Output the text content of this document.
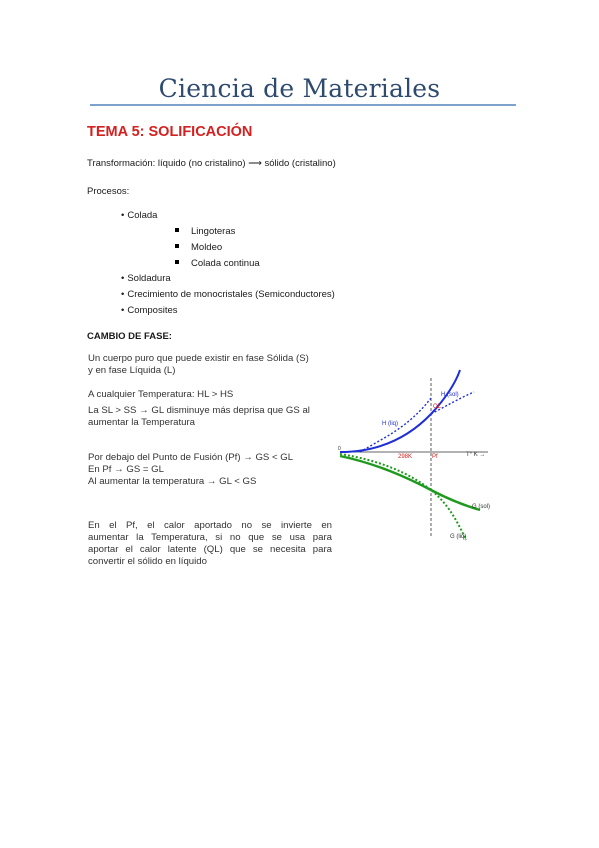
Ciencia de Materiales
TEMA 5: SOLIFICACIÓN
Transformación: líquido (no cristalino) ⟶ sólido (cristalino)
Procesos:
• Colada
Lingoteras
Moldeo
Colada continua
• Soldadura
• Crecimiento de monocristales (Semiconductores)
• Composites
CAMBIO DE FASE:
Un cuerpo puro que puede existir en fase Sólida (S)
y en fase Líquida (L)
A cualquier Temperatura: HL > HS
La SL > SS → GL disminuye más deprisa que GS al
aumentar la Temperatura
Por debajo del Punto de Fusión (Pf) → GS < GL
En Pf → GS = GL
Al aumentar la temperatura → GL < GS
En el Pf, el calor aportado no se invierte en
aumentar la Temperatura, si no que se usa para
aportar el calor latente (QL) que se necesita para
convertir el sólido en líquido
H (sol)
H (liq)
QL
0
298K	Pf	T° K →
G (sol)
G (liq)
